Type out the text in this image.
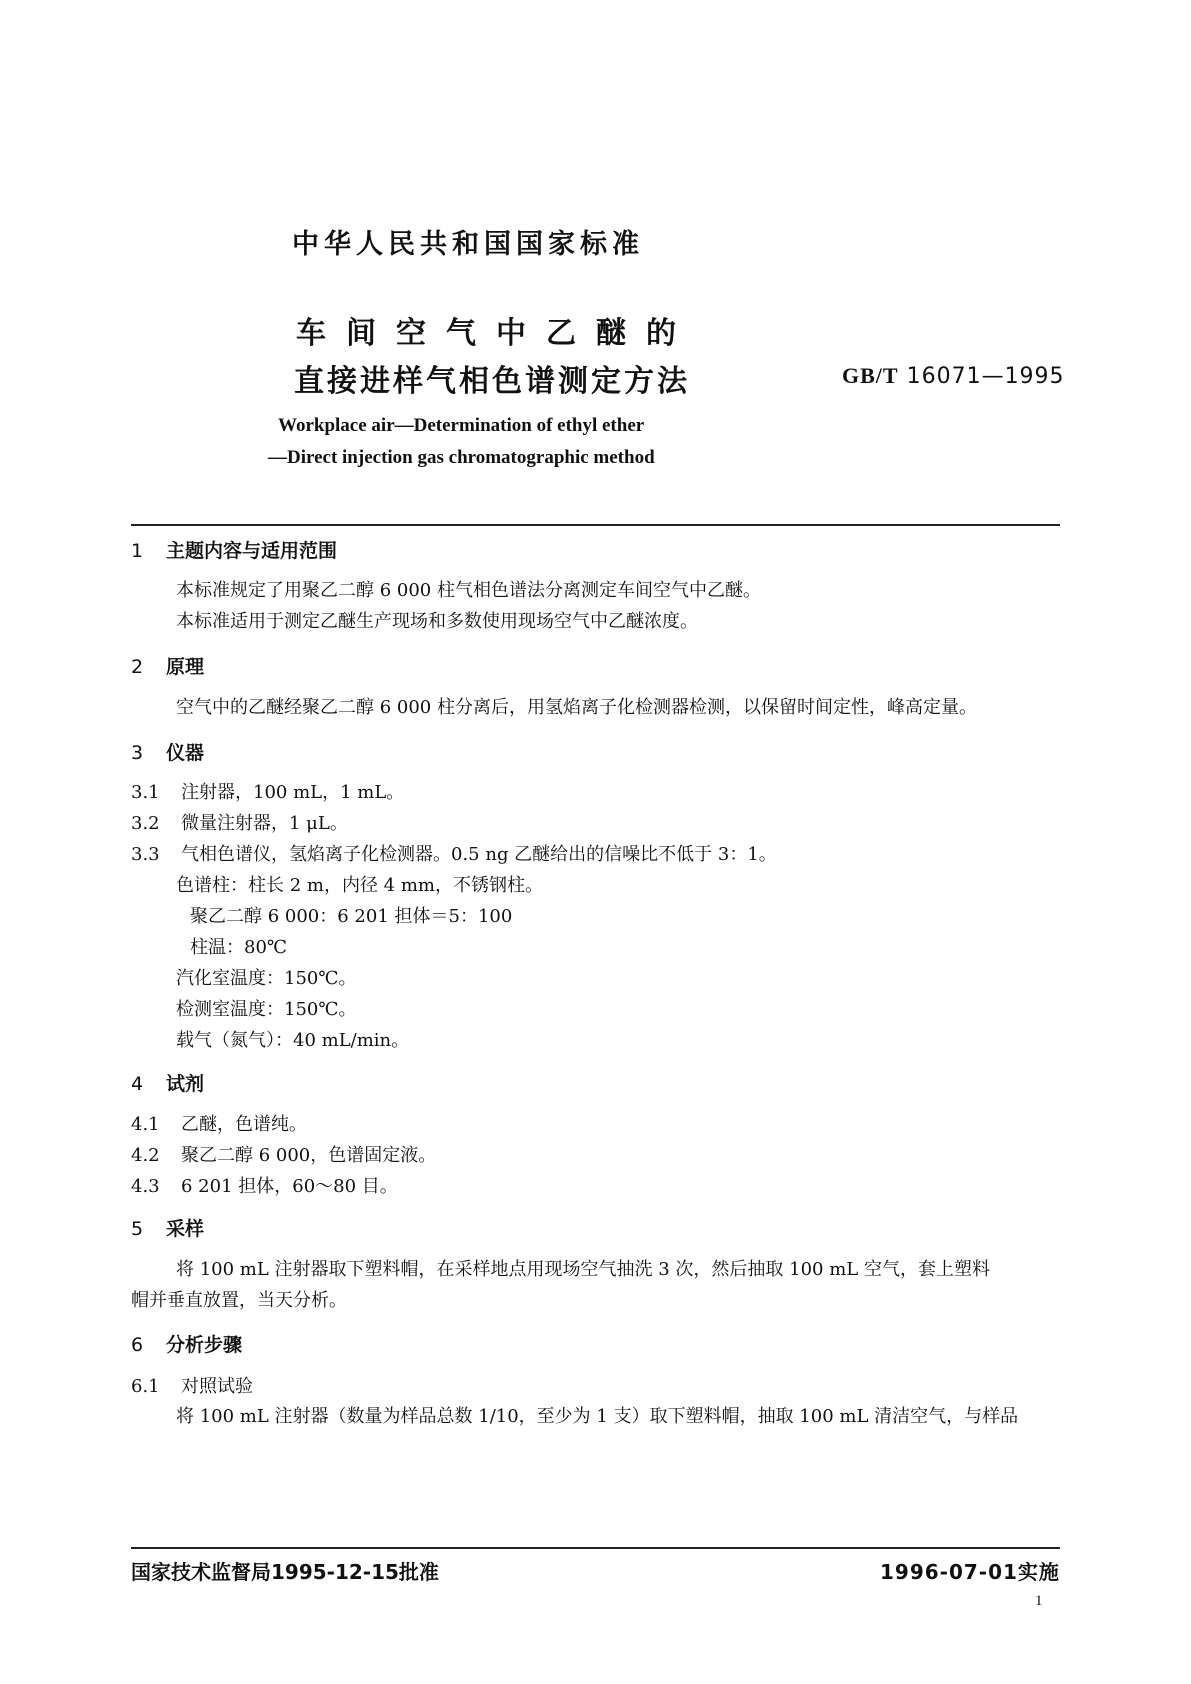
中华人民共和国国家标准
车间空气中乙醚的
直接进样气相色谱测定方法	GB/T 16071—1995
Workplace air—Determination of ethyl ether
—Direct injection gas chromatographic method
1 主题内容与适用范围
本标准规定了用聚乙二醇 6 000 柱气相色谱法分离测定车间空气中乙醚。
本标准适用于测定乙醚生产现场和多数使用现场空气中乙醚浓度。
2 原理
空气中的乙醚经聚乙二醇 6 000 柱分离后，用氢焰离子化检测器检测，以保留时间定性，峰高定量。
3 仪器
3.1 注射器，100 mL，1 mL。
3.2 微量注射器，1 μL。
3.3 气相色谱仪，氢焰离子化检测器。0.5 ng 乙醚给出的信噪比不低于 3：1。
色谱柱：柱长 2 m，内径 4 mm，不锈钢柱。
聚乙二醇 6 000：6 201 担体＝5：100
柱温：80℃
汽化室温度：150℃。
检测室温度：150℃。
载气（氮气）：40 mL/min。
4 试剂
4.1 乙醚，色谱纯。
4.2 聚乙二醇 6 000，色谱固定液。
4.3 6 201 担体，60～80 目。
5 采样
将 100 mL 注射器取下塑料帽，在采样地点用现场空气抽洗 3 次，然后抽取 100 mL 空气，套上塑料
帽并垂直放置，当天分析。
6 分析步骤
6.1 对照试验
将 100 mL 注射器（数量为样品总数 1/10，至少为 1 支）取下塑料帽，抽取 100 mL 清洁空气，与样品
国家技术监督局1995-12-15批准	1996-07-01实施
1
